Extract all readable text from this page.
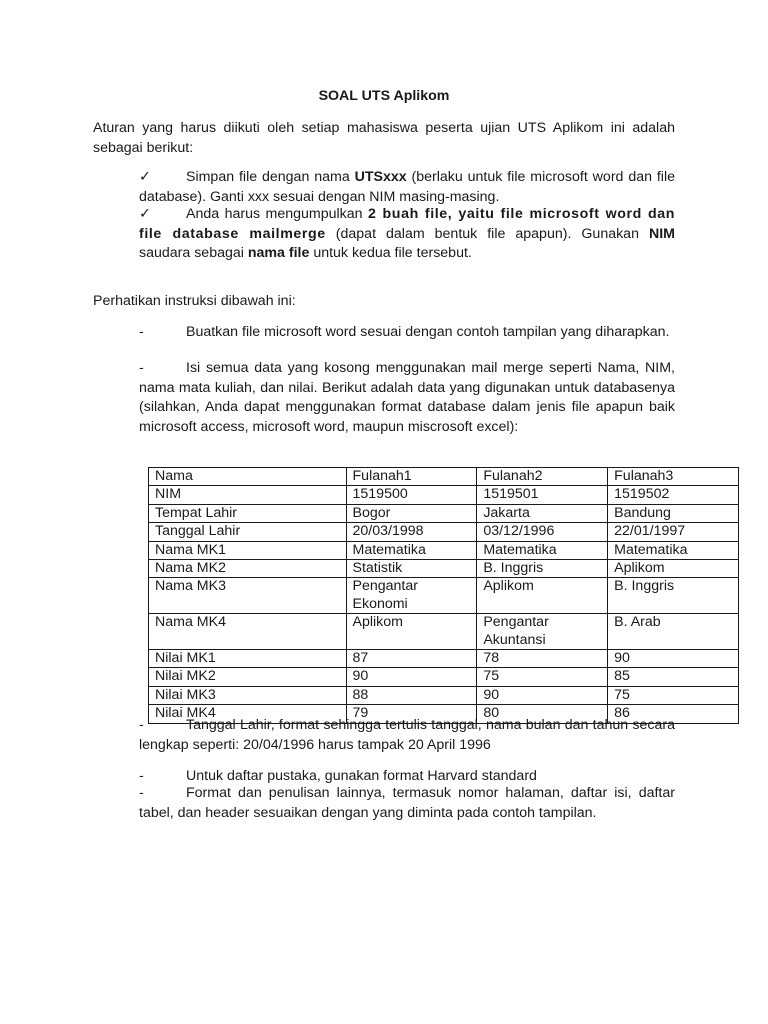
SOAL UTS Aplikom
Aturan yang harus diikuti oleh setiap mahasiswa peserta ujian UTS Aplikom ini adalah sebagai berikut:
✓ Simpan file dengan nama UTSxxx (berlaku untuk file microsoft word dan file database). Ganti xxx sesuai dengan NIM masing-masing.
✓ Anda harus mengumpulkan 2 buah file, yaitu file microsoft word dan file database mailmerge (dapat dalam bentuk file apapun). Gunakan NIM saudara sebagai nama file untuk kedua file tersebut.
Perhatikan instruksi dibawah ini:
-	Buatkan file microsoft word sesuai dengan contoh tampilan yang diharapkan.
-	Isi semua data yang kosong menggunakan mail merge seperti Nama, NIM, nama mata kuliah, dan nilai. Berikut adalah data yang digunakan untuk databasenya (silahkan, Anda dapat menggunakan format database dalam jenis file apapun baik microsoft access, microsoft word, maupun miscrosoft excel):
Nama	Fulanah1	Fulanah2	Fulanah3
NIM	1519500	1519501	1519502
Tempat Lahir	Bogor	Jakarta	Bandung
Tanggal Lahir	20/03/1998	03/12/1996	22/01/1997
Nama MK1	Matematika	Matematika	Matematika
Nama MK2	Statistik	B. Inggris	Aplikom
Nama MK3	Pengantar Ekonomi	Aplikom	B. Inggris
Nama MK4	Aplikom	Pengantar Akuntansi	B. Arab
Nilai MK1	87	78	90
Nilai MK2	90	75	85
Nilai MK3	88	90	75
Nilai MK4	79	80	86
-	Tanggal Lahir, format sehingga tertulis tanggal, nama bulan dan tahun secara lengkap seperti: 20/04/1996 harus tampak 20 April 1996
-	Untuk daftar pustaka, gunakan format Harvard standard
-	Format dan penulisan lainnya, termasuk nomor halaman, daftar isi, daftar tabel, dan header sesuaikan dengan yang diminta pada contoh tampilan.
